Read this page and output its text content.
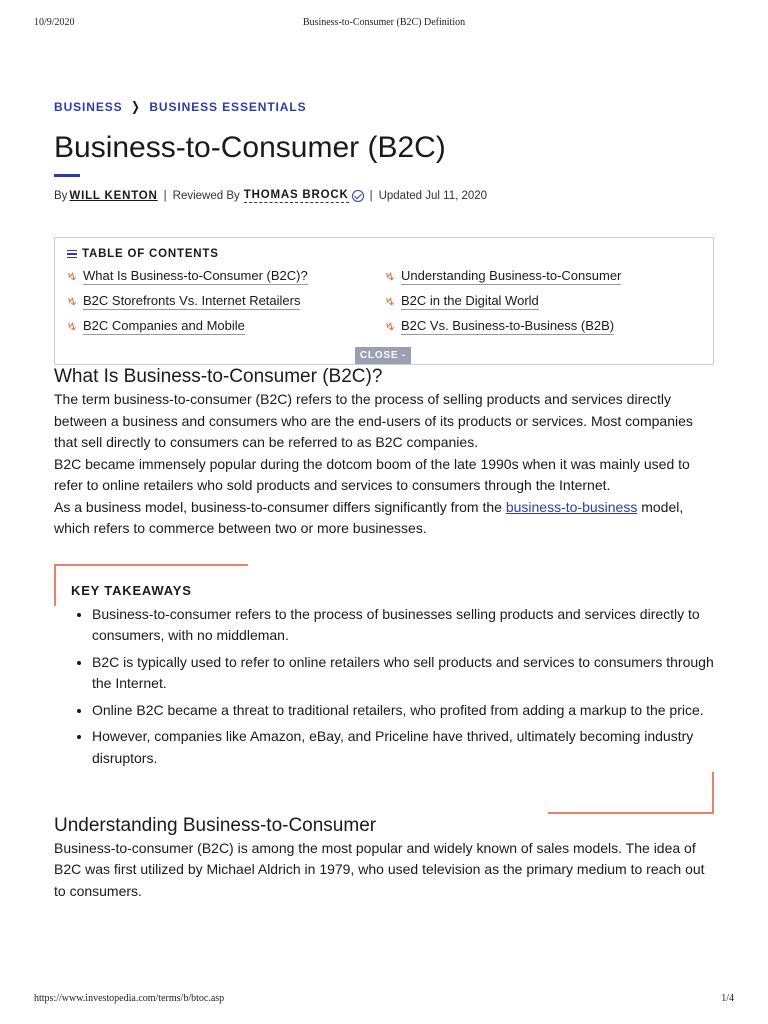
10/9/2020	Business-to-Consumer (B2C) Definition
BUSINESS ❯ BUSINESS ESSENTIALS
Business-to-Consumer (B2C)
By WILL KENTON | Reviewed By THOMAS BROCK | Updated Jul 11, 2020
TABLE OF CONTENTS
↯ What Is Business-to-Consumer (B2C)?	↯ Understanding Business-to-Consumer
↯ B2C Storefronts Vs. Internet Retailers	↯ B2C in the Digital World
↯ B2C Companies and Mobile	↯ B2C Vs. Business-to-Business (B2B)
CLOSE -
What Is Business-to-Consumer (B2C)?

The term business-to-consumer (B2C) refers to the process of selling products and services directly between a business and consumers who are the end-users of its products or services. Most companies that sell directly to consumers can be referred to as B2C companies.

B2C became immensely popular during the dotcom boom of the late 1990s when it was mainly used to refer to online retailers who sold products and services to consumers through the Internet.

As a business model, business-to-consumer differs significantly from the business-to-business model, which refers to commerce between two or more businesses.

KEY TAKEAWAYS
• Business-to-consumer refers to the process of businesses selling products and services directly to consumers, with no middleman.
• B2C is typically used to refer to online retailers who sell products and services to consumers through the Internet.
• Online B2C became a threat to traditional retailers, who profited from adding a markup to the price.
• However, companies like Amazon, eBay, and Priceline have thrived, ultimately becoming industry disruptors.
Understanding Business-to-Consumer

Business-to-consumer (B2C) is among the most popular and widely known of sales models. The idea of B2C was first utilized by Michael Aldrich in 1979, who used television as the primary medium to reach out to consumers.

https://www.investopedia.com/terms/b/btoc.asp	1/4
